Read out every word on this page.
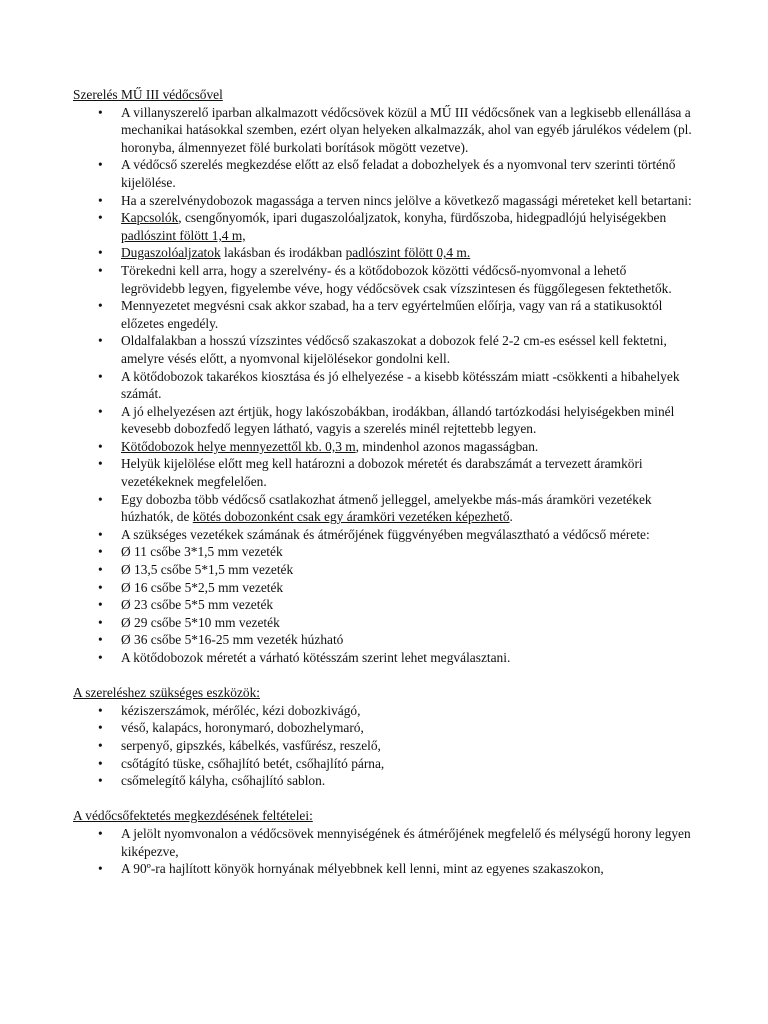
Szerelés MŰ III védőcsővel
• A villanyszerelő iparban alkalmazott védőcsövek közül a MŰ III védőcsőnek van a legkisebb ellenállása a mechanikai hatásokkal szemben, ezért olyan helyeken alkalmazzák, ahol van egyéb járulékos védelem (pl. horonyba, álmennyezet fölé burkolati borítások mögött vezetve).
• A védőcső szerelés megkezdése előtt az első feladat a dobozhelyek és a nyomvonal terv szerinti történő kijelölése.
• Ha a szerelvénydobozok magassága a terven nincs jelölve a következő magassági méreteket kell betartani:
• Kapcsolók, csengőnyomók, ipari dugaszolóaljzatok, konyha, fürdőszoba, hidegpadlójú helyiségekben padlószint fölött 1,4 m,
• Dugaszolóaljzatok lakásban és irodákban padlószint fölött 0,4 m.
• Törekedni kell arra, hogy a szerelvény- és a kötődobozok közötti védőcső-nyomvonal a lehető legrövidebb legyen, figyelembe véve, hogy védőcsövek csak vízszintesen és függőlegesen fektethetők.
• Mennyezetet megvésni csak akkor szabad, ha a terv egyértelműen előírja, vagy van rá a statikusoktól előzetes engedély.
• Oldalfalakban a hosszú vízszintes védőcső szakaszokat a dobozok felé 2-2 cm-es eséssel kell fektetni, amelyre vésés előtt, a nyomvonal kijelölésekor gondolni kell.
• A kötődobozok takarékos kiosztása és jó elhelyezése - a kisebb kötésszám miatt -csökkenti a hibahelyek számát.
• A jó elhelyezésen azt értjük, hogy lakószobákban, irodákban, állandó tartózkodási helyiségekben minél kevesebb dobozfedő legyen látható, vagyis a szerelés minél rejtettebb legyen.
• Kötődobozok helye mennyezettől kb. 0,3 m, mindenhol azonos magasságban.
• Helyük kijelölése előtt meg kell határozni a dobozok méretét és darabszámát a tervezett áramköri vezetékeknek megfelelően.
• Egy dobozba több védőcső csatlakozhat átmenő jelleggel, amelyekbe más-más áramköri vezetékek húzhatók, de kötés dobozonként csak egy áramköri vezetéken képezhető.
• A szükséges vezetékek számának és átmérőjének függvényében megválasztható a védőcső mérete:
• Ø 11 csőbe 3*1,5 mm vezeték
• Ø 13,5 csőbe 5*1,5 mm vezeték
• Ø 16 csőbe 5*2,5 mm vezeték
• Ø 23 csőbe 5*5 mm vezeték
• Ø 29 csőbe 5*10 mm vezeték
• Ø 36 csőbe 5*16-25 mm vezeték húzható
• A kötődobozok méretét a várható kötésszám szerint lehet megválasztani.
A szereléshez szükséges eszközök:
• kéziszerszámok, mérőléc, kézi dobozkivágó,
• véső, kalapács, horonymaró, dobozhelymaró,
• serpenyő, gipszkés, kábelkés, vasfűrész, reszelő,
• csőtágító tüske, csőhajlító betét, csőhajlító párna,
• csőmelegítő kályha, csőhajlító sablon.
A védőcsőfektetés megkezdésének feltételei:
• A jelölt nyomvonalon a védőcsövek mennyiségének és átmérőjének megfelelő és mélységű horony legyen kiképezve,
• A 90º-ra hajlított könyök hornyának mélyebbnek kell lenni, mint az egyenes szakaszokon,
